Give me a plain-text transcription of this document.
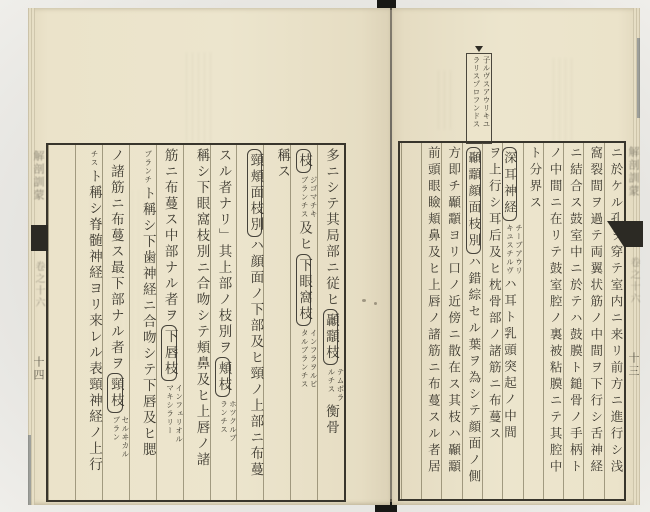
子ルヴスアウリキユ
ラリスプロフンドス
多ニシテ其局部ニ従ヒ顳顬枝
テムポラ
ルチス
衡骨
枝
ジゴマチキ
ブランチス
及ヒ下眼窩枝
インフラヲルビ
タルブランチス
稱ス
頸頬面枝別ハ顔面ノ下部及ヒ頸ノ上部ニ布蔓
スル者ナリ」其上部ノ枝別ヲ頬枝
ホツクルブ
ランチス
稱シ下眼窩枝別ニ合吻シテ頬鼻及ヒ上唇ノ諸
筋ニ布蔓ス中部ナル者ヲ下唇枝
インフェリオル
マキシラリー
ブランチ
ト稱シ下歯神経ニ合吻シテ下唇及ヒ腮
ノ諸筋ニ布蔓ス最下部ナル者ヲ頸枝
セルヰカル
ブラン
チス
ト稱シ脊髄神経ヨリ来レル表頸神経ノ上行	ニ於ケル孔ヲ穿テ室内ニ来リ前方ニ進行シ浅
窩裂間ヲ過テ両翼状筋ノ中間ヲ下行シ舌神経
ニ結合ス鼓室中ニ於テハ鼓膜ト鎚骨ノ手柄ト
ノ中間ニ在リテ鼓室腔ノ裏被粘膜ニテ其腔中
ト分界ス
深耳神経
チーブアウリ
キユスチルヴ
ハ耳ト乳頭突起ノ中間
ヲ上行シ耳后及ヒ枕骨部ノ諸筋ニ布蔓ス
顳顬顔面枝別ハ錯綜セル葉ヲ為シテ顔面ノ側
方即チ顳顬ヨリ口ノ近傍ニ散在ス其枝ハ顳顬
前頭眼瞼頬鼻及ヒ上唇ノ諸筋ニ布蔓スル者居	解剖訓蒙 卷之十六 十三
解剖訓蒙 卷之十六 十四
